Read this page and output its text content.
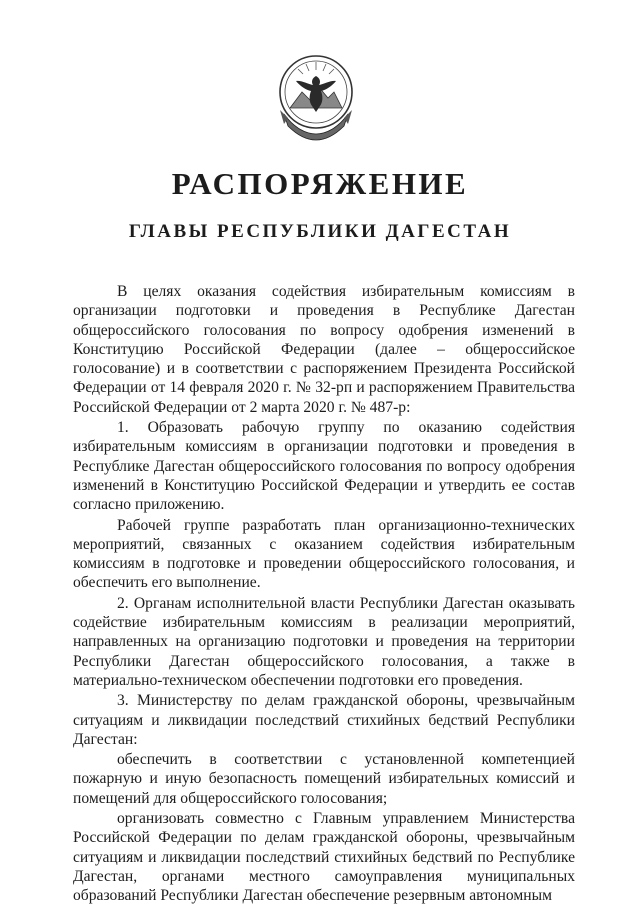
РАСПОРЯЖЕНИЕ
ГЛАВЫ РЕСПУБЛИКИ ДАГЕСТАН

В целях оказания содействия избирательным комиссиям в организации подготовки и проведения в Республике Дагестан общероссийского голосования по вопросу одобрения изменений в Конституцию Российской Федерации (далее – общероссийское голосование) и в соответствии с распоряжением Президента Российской Федерации от 14 февраля 2020 г. № 32-рп и распоряжением Правительства Российской Федерации от 2 марта 2020 г. № 487-р:

1. Образовать рабочую группу по оказанию содействия избирательным комиссиям в организации подготовки и проведения в Республике Дагестан общероссийского голосования по вопросу одобрения изменений в Конституцию Российской Федерации и утвердить ее состав согласно приложению.

Рабочей группе разработать план организационно-технических мероприятий, связанных с оказанием содействия избирательным комиссиям в подготовке и проведении общероссийского голосования, и обеспечить его выполнение.

2. Органам исполнительной власти Республики Дагестан оказывать содействие избирательным комиссиям в реализации мероприятий, направленных на организацию подготовки и проведения на территории Республики Дагестан общероссийского голосования, а также в материально-техническом обеспечении подготовки его проведения.

3. Министерству по делам гражданской обороны, чрезвычайным ситуациям и ликвидации последствий стихийных бедствий Республики Дагестан:

обеспечить в соответствии с установленной компетенцией пожарную и иную безопасность помещений избирательных комиссий и помещений для общероссийского голосования;

организовать совместно с Главным управлением Министерства Российской Федерации по делам гражданской обороны, чрезвычайным ситуациям и ликвидации последствий стихийных бедствий по Республике Дагестан, органами местного самоуправления муниципальных образований Республики Дагестан обеспечение резервным автономным
